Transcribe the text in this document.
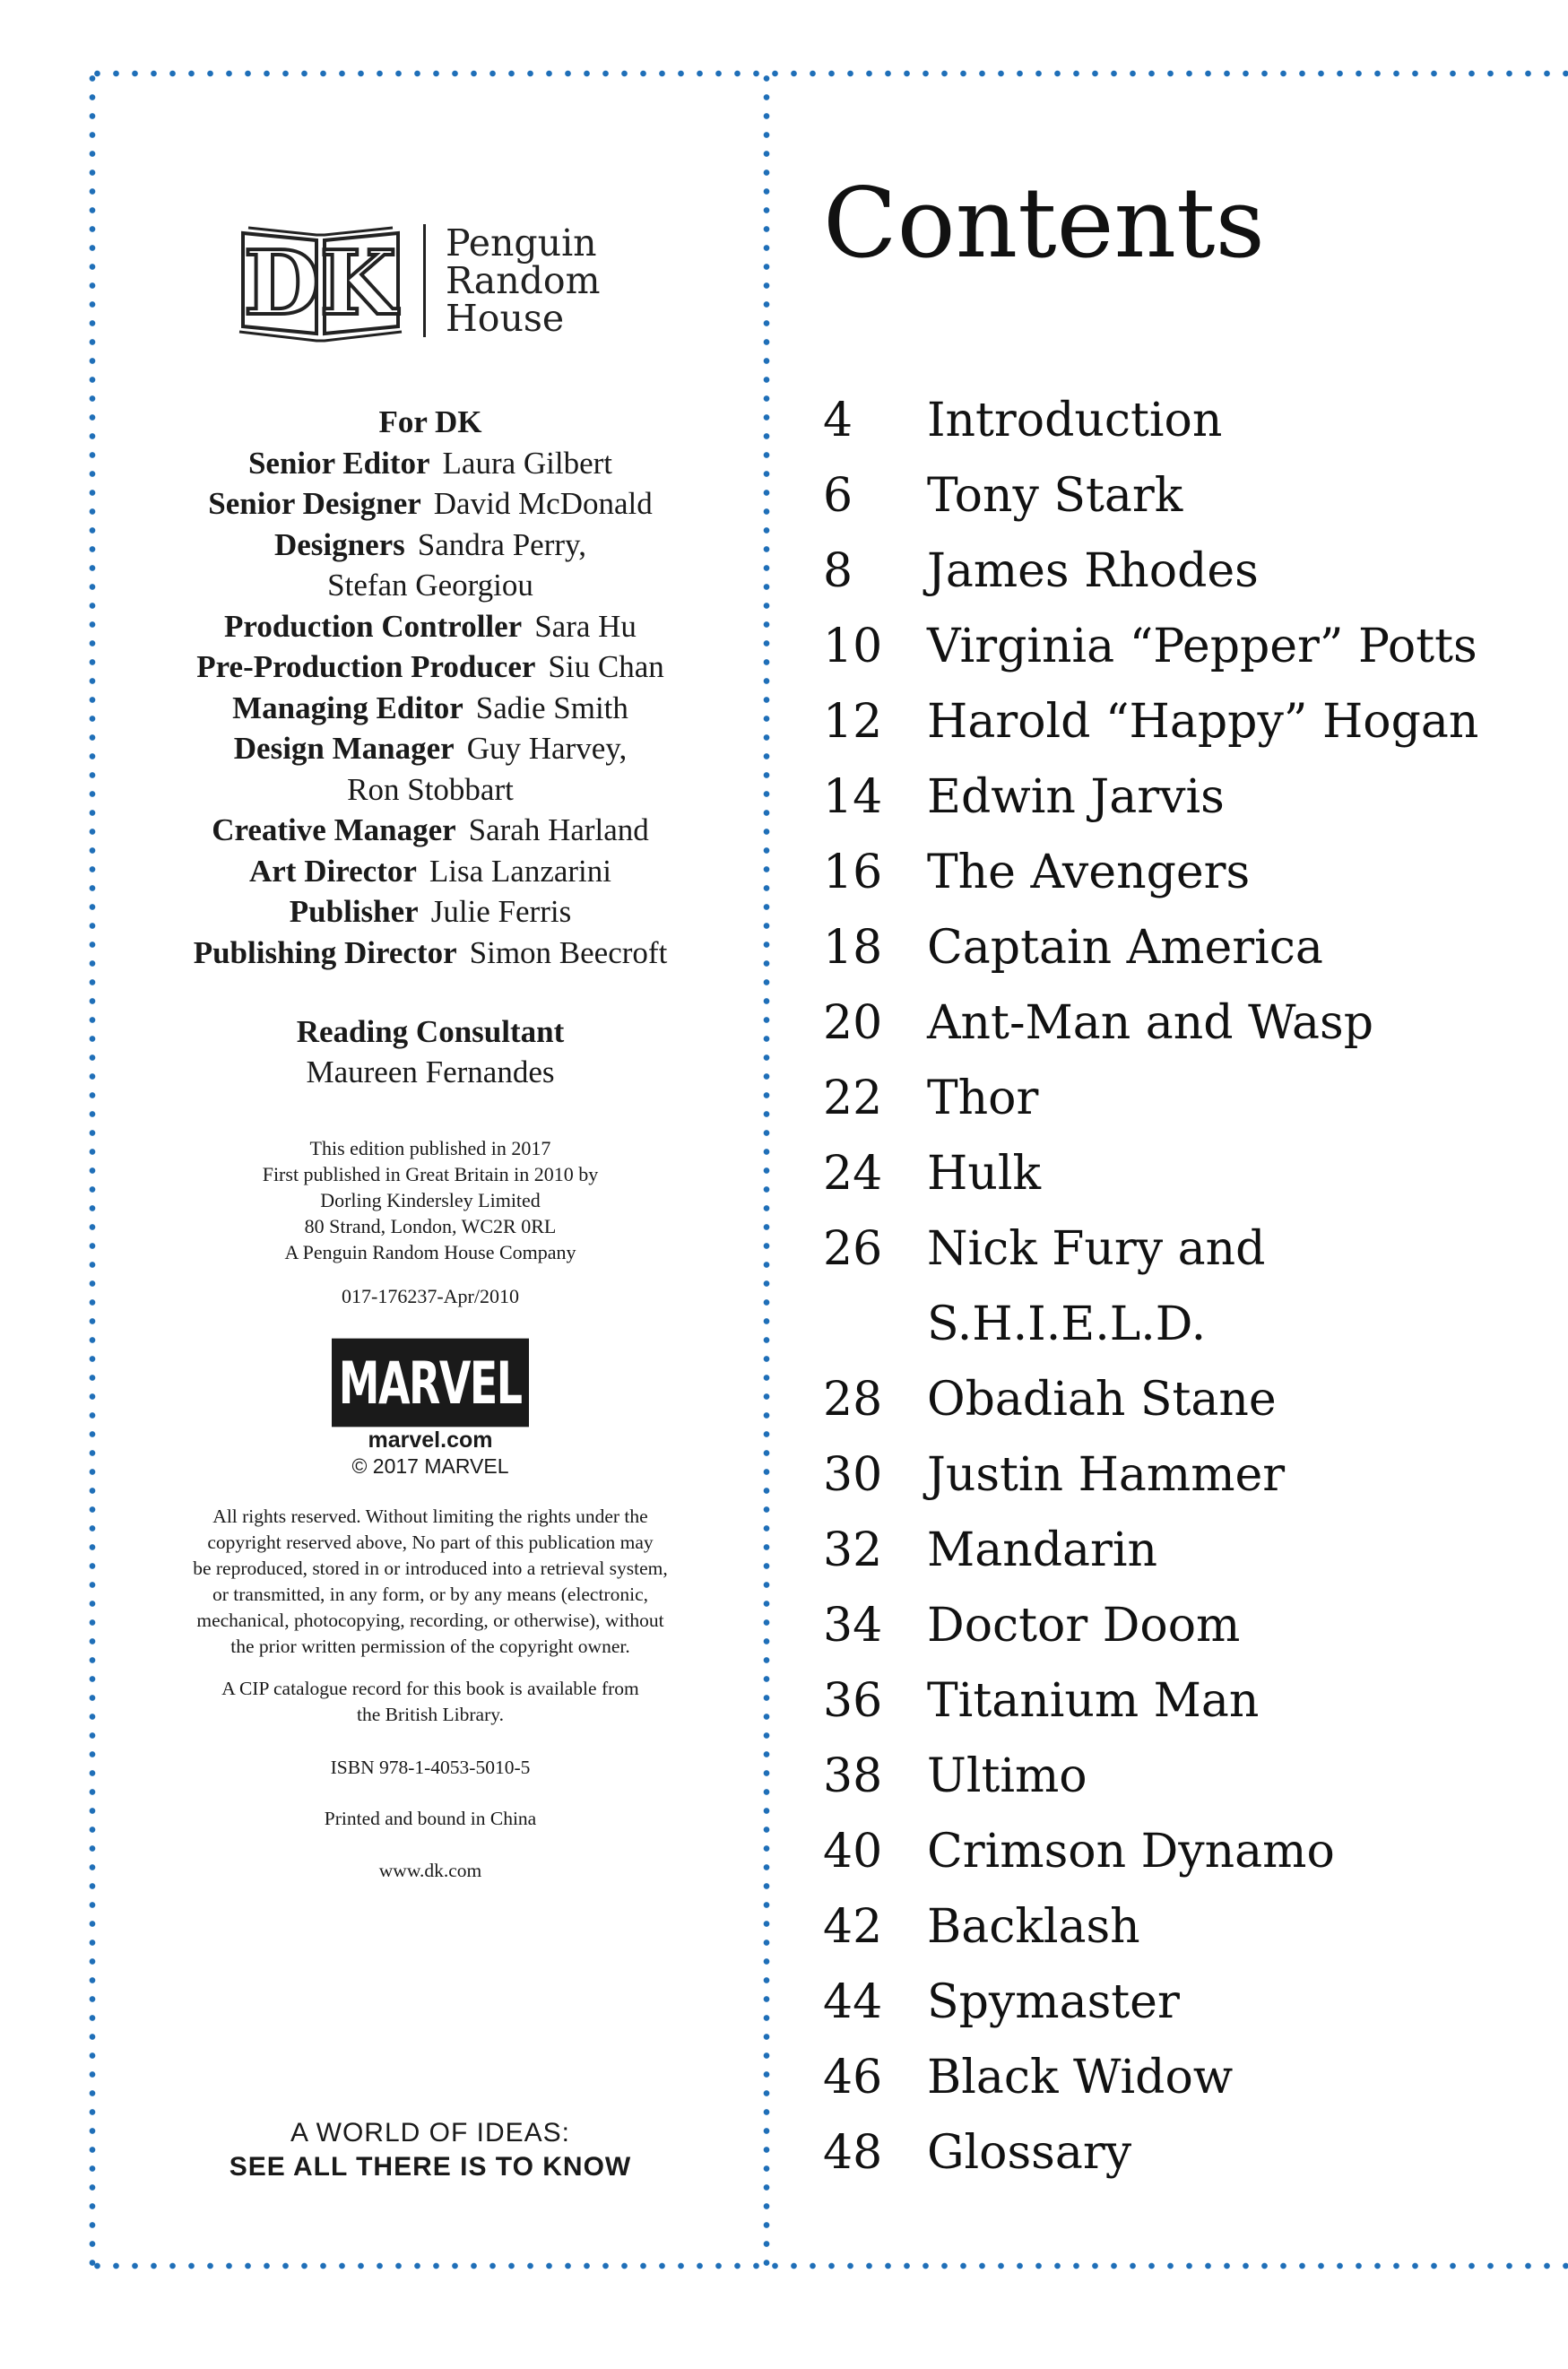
DK Penguin
Random
House
For DK
Senior Editor Laura Gilbert
Senior Designer David McDonald
Designers Sandra Perry,
Stefan Georgiou
Production Controller Sara Hu
Pre-Production Producer Siu Chan
Managing Editor Sadie Smith
Design Manager Guy Harvey,
Ron Stobbart
Creative Manager Sarah Harland
Art Director Lisa Lanzarini
Publisher Julie Ferris
Publishing Director Simon Beecroft
Reading Consultant
Maureen Fernandes
This edition published in 2017
First published in Great Britain in 2010 by
Dorling Kindersley Limited
80 Strand, London, WC2R 0RL
A Penguin Random House Company
017-176237-Apr/2010
MARVEL
marvel.com
© 2017 MARVEL
All rights reserved. Without limiting the rights under the
copyright reserved above, No part of this publication may
be reproduced, stored in or introduced into a retrieval system,
or transmitted, in any form, or by any means (electronic,
mechanical, photocopying, recording, or otherwise), without
the prior written permission of the copyright owner.
A CIP catalogue record for this book is available from
the British Library.
ISBN 978-1-4053-5010-5
Printed and bound in China
www.dk.com
A WORLD OF IDEAS:
SEE ALL THERE IS TO KNOW
Contents
4	Introduction
6	Tony Stark
8	James Rhodes
10 Virginia “Pepper” Potts
12 Harold “Happy” Hogan
14 Edwin Jarvis
16 The Avengers
18 Captain America
20 Ant-Man and Wasp
22 Thor
24 Hulk
26 Nick Fury and S.H.I.E.L.D.
28 Obadiah Stane
30 Justin Hammer
32 Mandarin
34 Doctor Doom
36 Titanium Man
38 Ultimo
40 Crimson Dynamo
42 Backlash
44 Spymaster
46 Black Widow
48 Glossary
